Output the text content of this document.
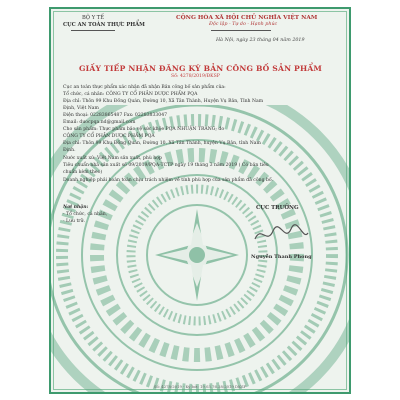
BỘ Y TẾ
CỤC AN TOÀN THỰC PHẨM
CỘNG HÒA XÃ HỘI CHỦ NGHĨA VIỆT NAM
Độc lập - Tự do - Hạnh phúc
Hà Nội, ngày 23 tháng 04 năm 2019
GIẤY TIẾP NHẬN ĐĂNG KÝ BẢN CÔNG BỐ SẢN PHẨM
Số: 4278/2019/ĐKSP
Cục an toàn thực phẩm xác nhận đã nhận Bản công bố sản phẩm của:
Tổ chức, cá nhân: CÔNG TY CỔ PHẦN DƯỢC PHẨM PQA
Địa chỉ: Thôn 99 Khu Đồng Quán, Đường 10, Xã Tân Thành, Huyện Vụ Bản, Tỉnh Nam
Định, Việt Nam
Điện thoại: 02283865487 Fax: 02283833047
Email: duocpqa.nd@gmail.com
Cho sản phẩm: Thực phẩm bảo vệ sức khỏe PQA NHUẬN TRÀNG; do
CÔNG TY CỔ PHẦN DƯỢC PHẨM PQA
Địa chỉ: Thôn 99 Khu Đồng Quán, Đường 10, Xã Tân Thành, huyện Vụ Bản, tỉnh Nam
Định.
Nước xuất xứ: Việt Nam sản xuất, phù hợp
Tiêu chuẩn nhà sản xuất số 09/2019/PQA-TCTP ngày 19 tháng 3 năm 2019 ( Có bản tiêu
chuẩn kèm theo)
Doanh nghiệp phải hoàn toàn chịu trách nhiệm về tính phù hợp của sản phẩm đã công bố.
Nơi nhận:
- Tổ chức, cá nhân,
- Lưu trữ.
CỤC TRƯỞNG
Nguyễn Thanh Phong
Số: 4278/2019 - Ký bởi: 19.03.76.28/2019 DKSP
